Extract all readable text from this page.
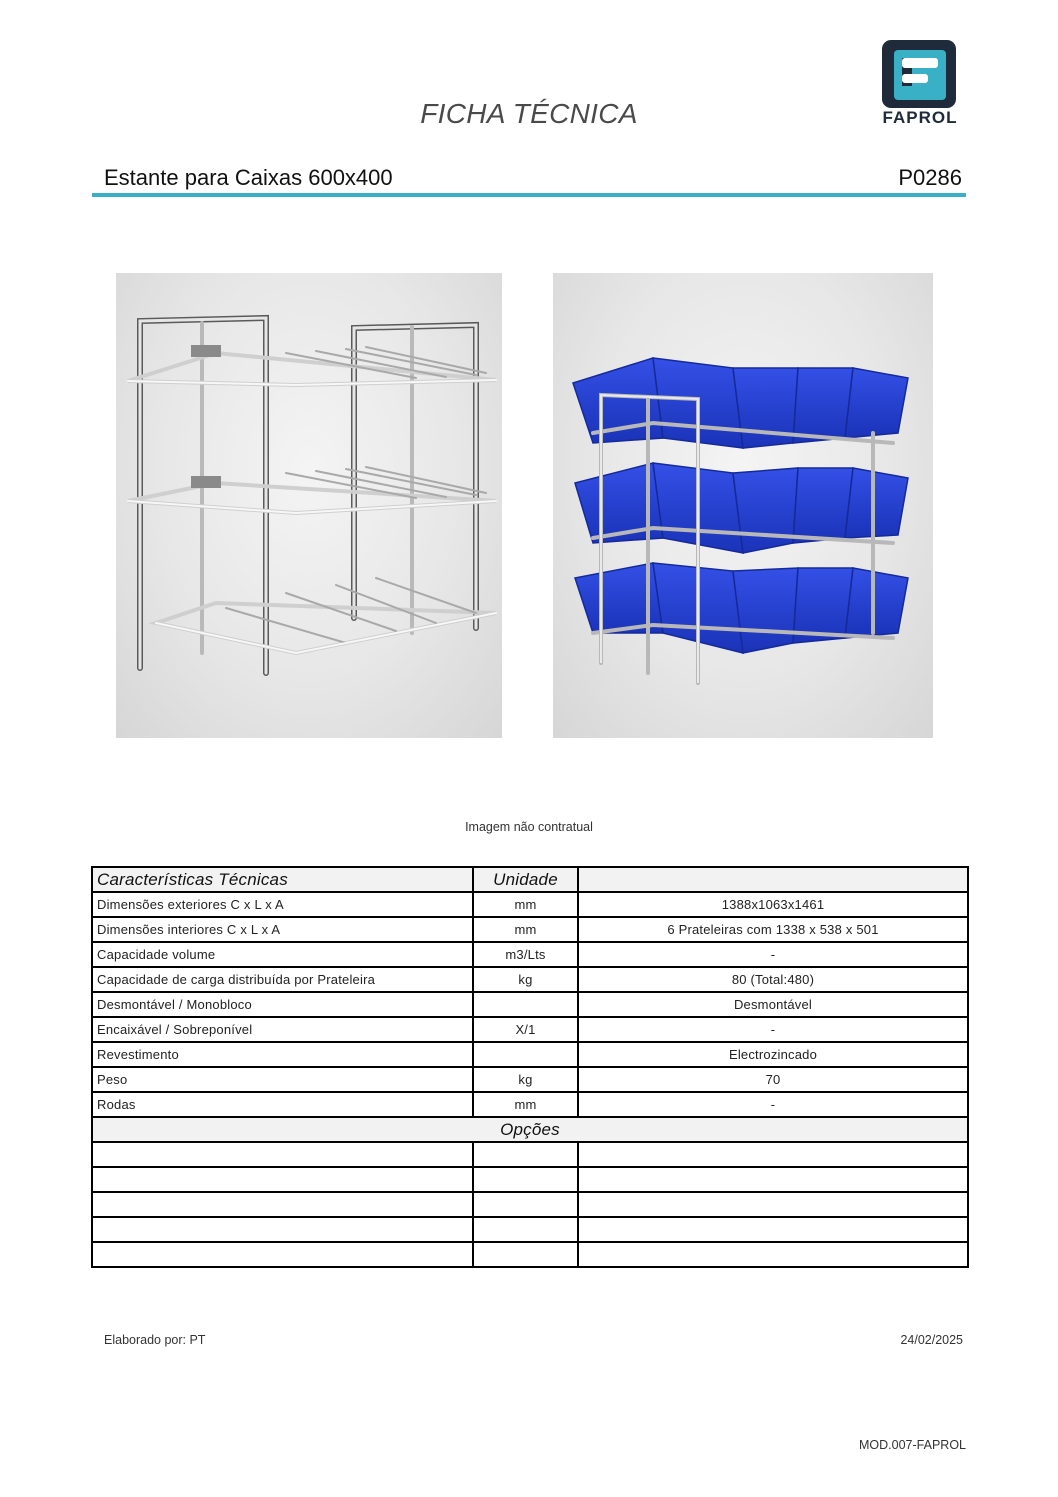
FICHA TÉCNICA	FAPROL
Estante para Caixas 600x400	P0286
Imagem não contratual
Características Técnicas	Unidade	
Dimensões exteriores C x L x A	mm	1388x1063x1461
Dimensões interiores C x L x A	mm	6 Prateleiras com 1338 x 538 x 501
Capacidade volume	m3/Lts	-
Capacidade de carga distribuída por Prateleira	kg	80 (Total:480)
Desmontável / Monobloco		Desmontável
Encaixável / Sobreponível	X/1	-
Revestimento		Electrozincado
Peso	kg	70
Rodas	mm	-
Opções		

Elaborado por: PT	24/02/2025
MOD.007-FAPROL
